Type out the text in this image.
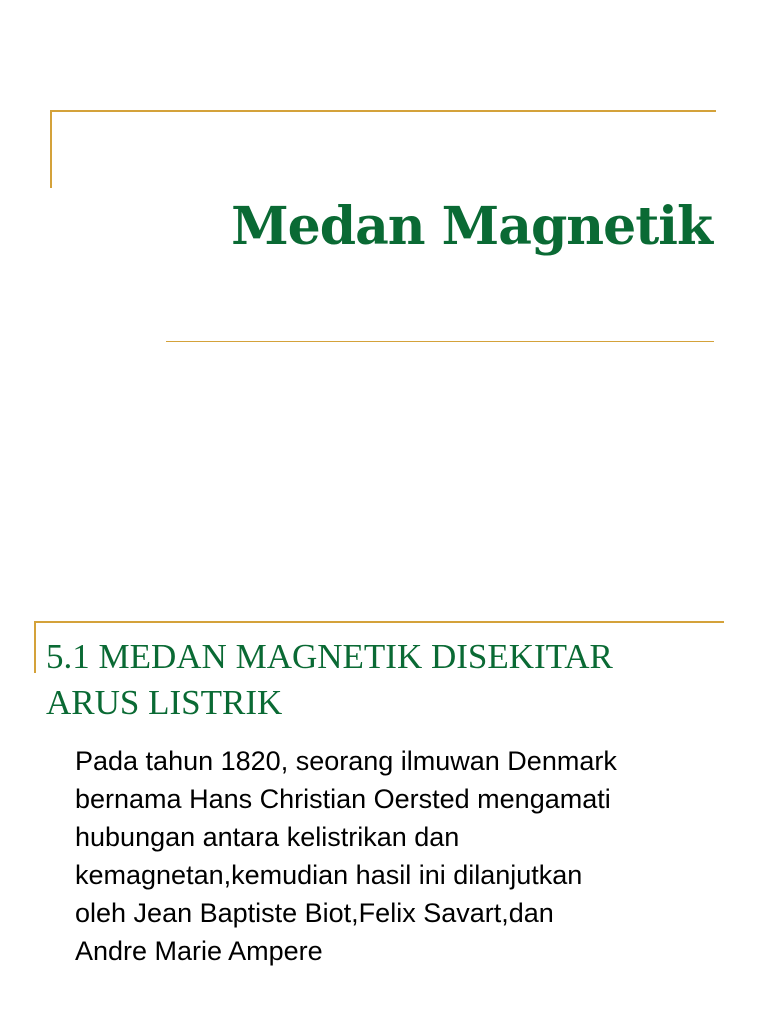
Medan Magnetik
5.1 MEDAN MAGNETIK DISEKITAR
ARUS LISTRIK

Pada tahun 1820, seorang ilmuwan Denmark
bernama Hans Christian Oersted mengamati
hubungan antara kelistrikan dan
kemagnetan,kemudian hasil ini dilanjutkan
oleh Jean Baptiste Biot,Felix Savart,dan
Andre Marie Ampere
